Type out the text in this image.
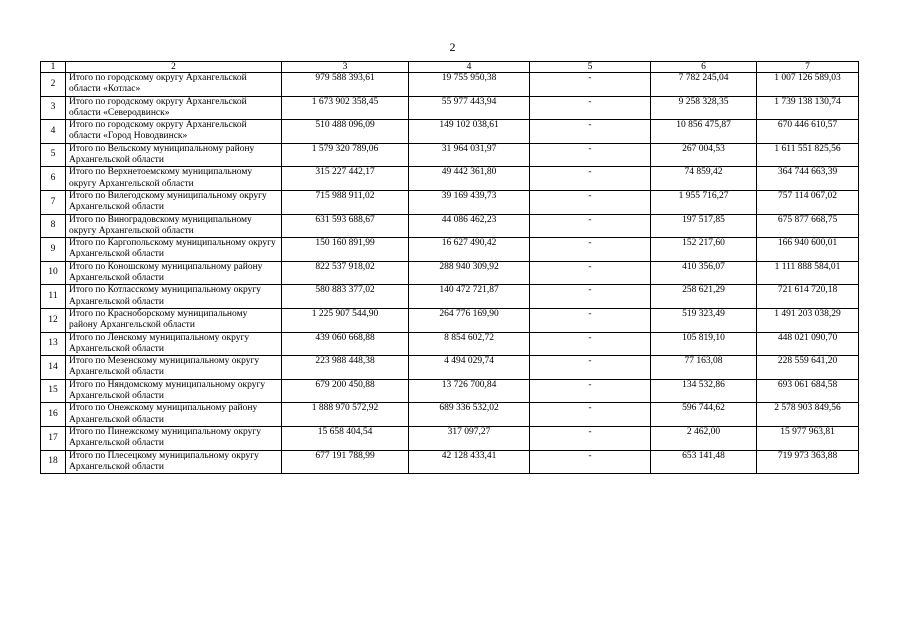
2
1	2	3	4	5	6	7
2	Итого по городскому округу Архангельской области «Котлас»	979 588 393,61	19 755 950,38	-	7 782 245,04	1 007 126 589,03
3	Итого по городскому округу Архангельской области «Северодвинск»	1 673 902 358,45	55 977 443,94	-	9 258 328,35	1 739 138 130,74
4	Итого по городскому округу Архангельской области «Город Новодвинск»	510 488 096,09	149 102 038,61	-	10 856 475,87	670 446 610,57
5	Итого по Вельскому муниципальному району Архангельской области	1 579 320 789,06	31 964 031,97	-	267 004,53	1 611 551 825,56
6	Итого по Верхнетоемскому муниципальному округу Архангельской области	315 227 442,17	49 442 361,80	-	74 859,42	364 744 663,39
7	Итого по Вилегодскому муниципальному округу Архангельской области	715 988 911,02	39 169 439,73	-	1 955 716,27	757 114 067,02
8	Итого по Виноградовскому муниципальному округу Архангельской области	631 593 688,67	44 086 462,23	-	197 517,85	675 877 668,75
9	Итого по Каргопольскому муниципальному округу Архангельской области	150 160 891,99	16 627 490,42	-	152 217,60	166 940 600,01
10	Итого по Коношскому муниципальному району Архангельской области	822 537 918,02	288 940 309,92	-	410 356,07	1 111 888 584,01
11	Итого по Котласскому муниципальному округу Архангельской области	580 883 377,02	140 472 721,87	-	258 621,29	721 614 720,18
12	Итого по Красноборскому муниципальному району Архангельской области	1 225 907 544,90	264 776 169,90	-	519 323,49	1 491 203 038,29
13	Итого по Ленскому муниципальному округу Архангельской области	439 060 668,88	8 854 602,72	-	105 819,10	448 021 090,70
14	Итого по Мезенскому муниципальному округу Архангельской области	223 988 448,38	4 494 029,74	-	77 163,08	228 559 641,20
15	Итого по Няндомскому муниципальному округу Архангельской области	679 200 450,88	13 726 700,84	-	134 532,86	693 061 684,58
16	Итого по Онежскому муниципальному району Архангельской области	1 888 970 572,92	689 336 532,02	-	596 744,62	2 578 903 849,56
17	Итого по Пинежскому муниципальному округу Архангельской области	15 658 404,54	317 097,27	-	2 462,00	15 977 963,81
18	Итого по Плесецкому муниципальному округу Архангельской области	677 191 788,99	42 128 433,41	-	653 141,48	719 973 363,88
